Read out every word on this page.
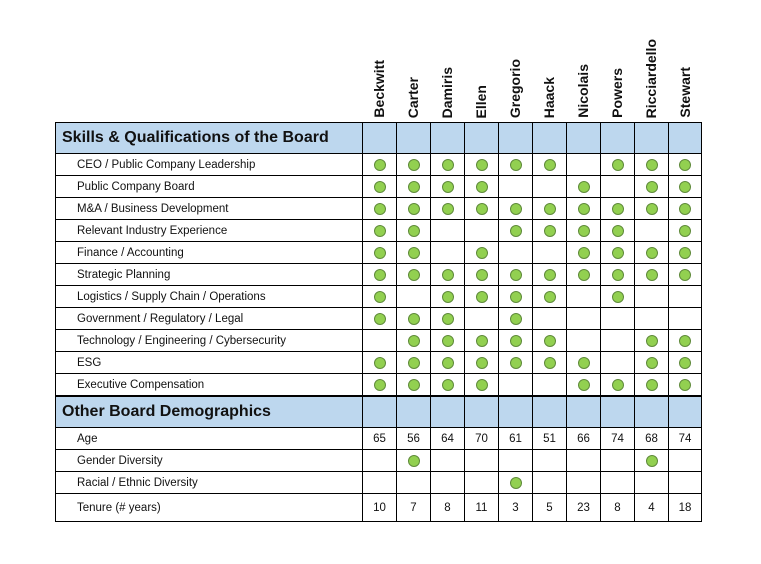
Beckwitt Carter Damiris Ellen Gregorio Haack Nicolais Powers Ricciardello Stewart
Skills & Qualifications of the Board
CEO / Public Company Leadership
Public Company Board
M&A / Business Development
Relevant Industry Experience
Finance / Accounting
Strategic Planning
Logistics / Supply Chain / Operations
Government / Regulatory / Legal
Technology / Engineering / Cybersecurity
ESG
Executive Compensation
Other Board Demographics
Age	65 56 64 70 61 51 66 74 68 74
Gender Diversity
Racial / Ethnic Diversity
Tenure (# years)	10 7 8 11 3 5 23 8 4 18
